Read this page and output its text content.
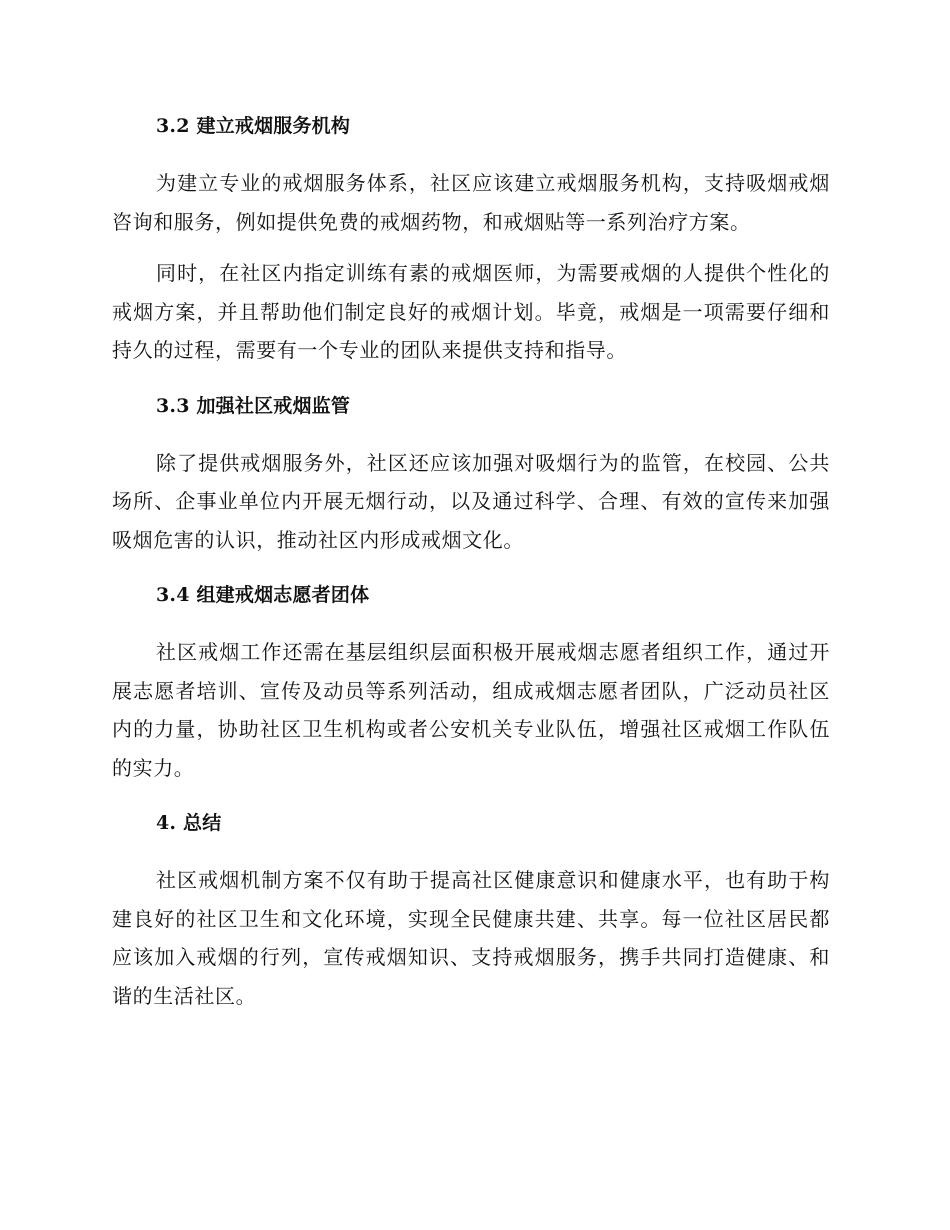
3.2 建立戒烟服务机构

为建立专业的戒烟服务体系，社区应该建立戒烟服务机构，支持吸烟戒烟咨询和服务，例如提供免费的戒烟药物，和戒烟贴等一系列治疗方案。

同时，在社区内指定训练有素的戒烟医师，为需要戒烟的人提供个性化的戒烟方案，并且帮助他们制定良好的戒烟计划。毕竟，戒烟是一项需要仔细和持久的过程，需要有一个专业的团队来提供支持和指导。

3.3 加强社区戒烟监管

除了提供戒烟服务外，社区还应该加强对吸烟行为的监管，在校园、公共场所、企事业单位内开展无烟行动，以及通过科学、合理、有效的宣传来加强吸烟危害的认识，推动社区内形成戒烟文化。

3.4 组建戒烟志愿者团体

社区戒烟工作还需在基层组织层面积极开展戒烟志愿者组织工作，通过开展志愿者培训、宣传及动员等系列活动，组成戒烟志愿者团队，广泛动员社区内的力量，协助社区卫生机构或者公安机关专业队伍，增强社区戒烟工作队伍的实力。

4. 总结

社区戒烟机制方案不仅有助于提高社区健康意识和健康水平，也有助于构建良好的社区卫生和文化环境，实现全民健康共建、共享。每一位社区居民都应该加入戒烟的行列，宣传戒烟知识、支持戒烟服务，携手共同打造健康、和谐的生活社区。
